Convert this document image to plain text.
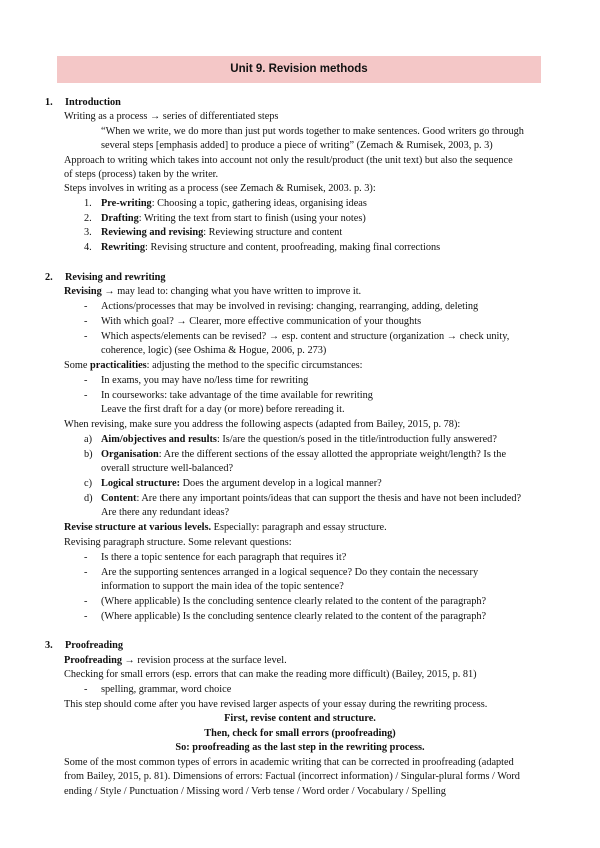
Unit 9. Revision methods
1. Introduction
Writing as a process → series of differentiated steps
“When we write, we do more than just put words together to make sentences. Good writers go through
several steps [emphasis added] to produce a piece of writing” (Zemach & Rumisek, 2003, p. 3)
Approach to writing which takes into account not only the result/product (the unit text) but also the sequence
of steps (process) taken by the writer.
Steps involves in writing as a process (see Zemach & Rumisek, 2003. p. 3):
1. Pre-writing: Choosing a topic, gathering ideas, organising ideas
2. Drafting: Writing the text from start to finish (using your notes)
3. Reviewing and revising: Reviewing structure and content
4. Rewriting: Revising structure and content, proofreading, making final corrections
2. Revising and rewriting
Revising → may lead to: changing what you have written to improve it.
- Actions/processes that may be involved in revising: changing, rearranging, adding, deleting
- With which goal? → Clearer, more effective communication of your thoughts
- Which aspects/elements can be revised? → esp. content and structure (organization → check unity,
coherence, logic) (see Oshima & Hogue, 2006, p. 273)
Some practicalities: adjusting the method to the specific circumstances:
- In exams, you may have no/less time for rewriting
- In courseworks: take advantage of the time available for rewriting
Leave the first draft for a day (or more) before rereading it.
When revising, make sure you address the following aspects (adapted from Bailey, 2015, p. 78):
a) Aim/objectives and results: Is/are the question/s posed in the title/introduction fully answered?
b) Organisation: Are the different sections of the essay allotted the appropriate weight/length? Is the
overall structure well-balanced?
c) Logical structure: Does the argument develop in a logical manner?
d) Content: Are there any important points/ideas that can support the thesis and have not been included?
Are there any redundant ideas?
Revise structure at various levels. Especially: paragraph and essay structure.
Revising paragraph structure. Some relevant questions:
- Is there a topic sentence for each paragraph that requires it?
- Are the supporting sentences arranged in a logical sequence? Do they contain the necessary
information to support the main idea of the topic sentence?
- (Where applicable) Is the concluding sentence clearly related to the content of the paragraph?
- (Where applicable) Is the concluding sentence clearly related to the content of the paragraph?
3. Proofreading
Proofreading → revision process at the surface level.
Checking for small errors (esp. errors that can make the reading more difficult) (Bailey, 2015, p. 81)
- spelling, grammar, word choice
This step should come after you have revised larger aspects of your essay during the rewriting process.
First, revise content and structure.
Then, check for small errors (proofreading)
So: proofreading as the last step in the rewriting process.
Some of the most common types of errors in academic writing that can be corrected in proofreading (adapted
from Bailey, 2015, p. 81). Dimensions of errors: Factual (incorrect information) / Singular-plural forms / Word
ending / Style / Punctuation / Missing word / Verb tense / Word order / Vocabulary / Spelling
